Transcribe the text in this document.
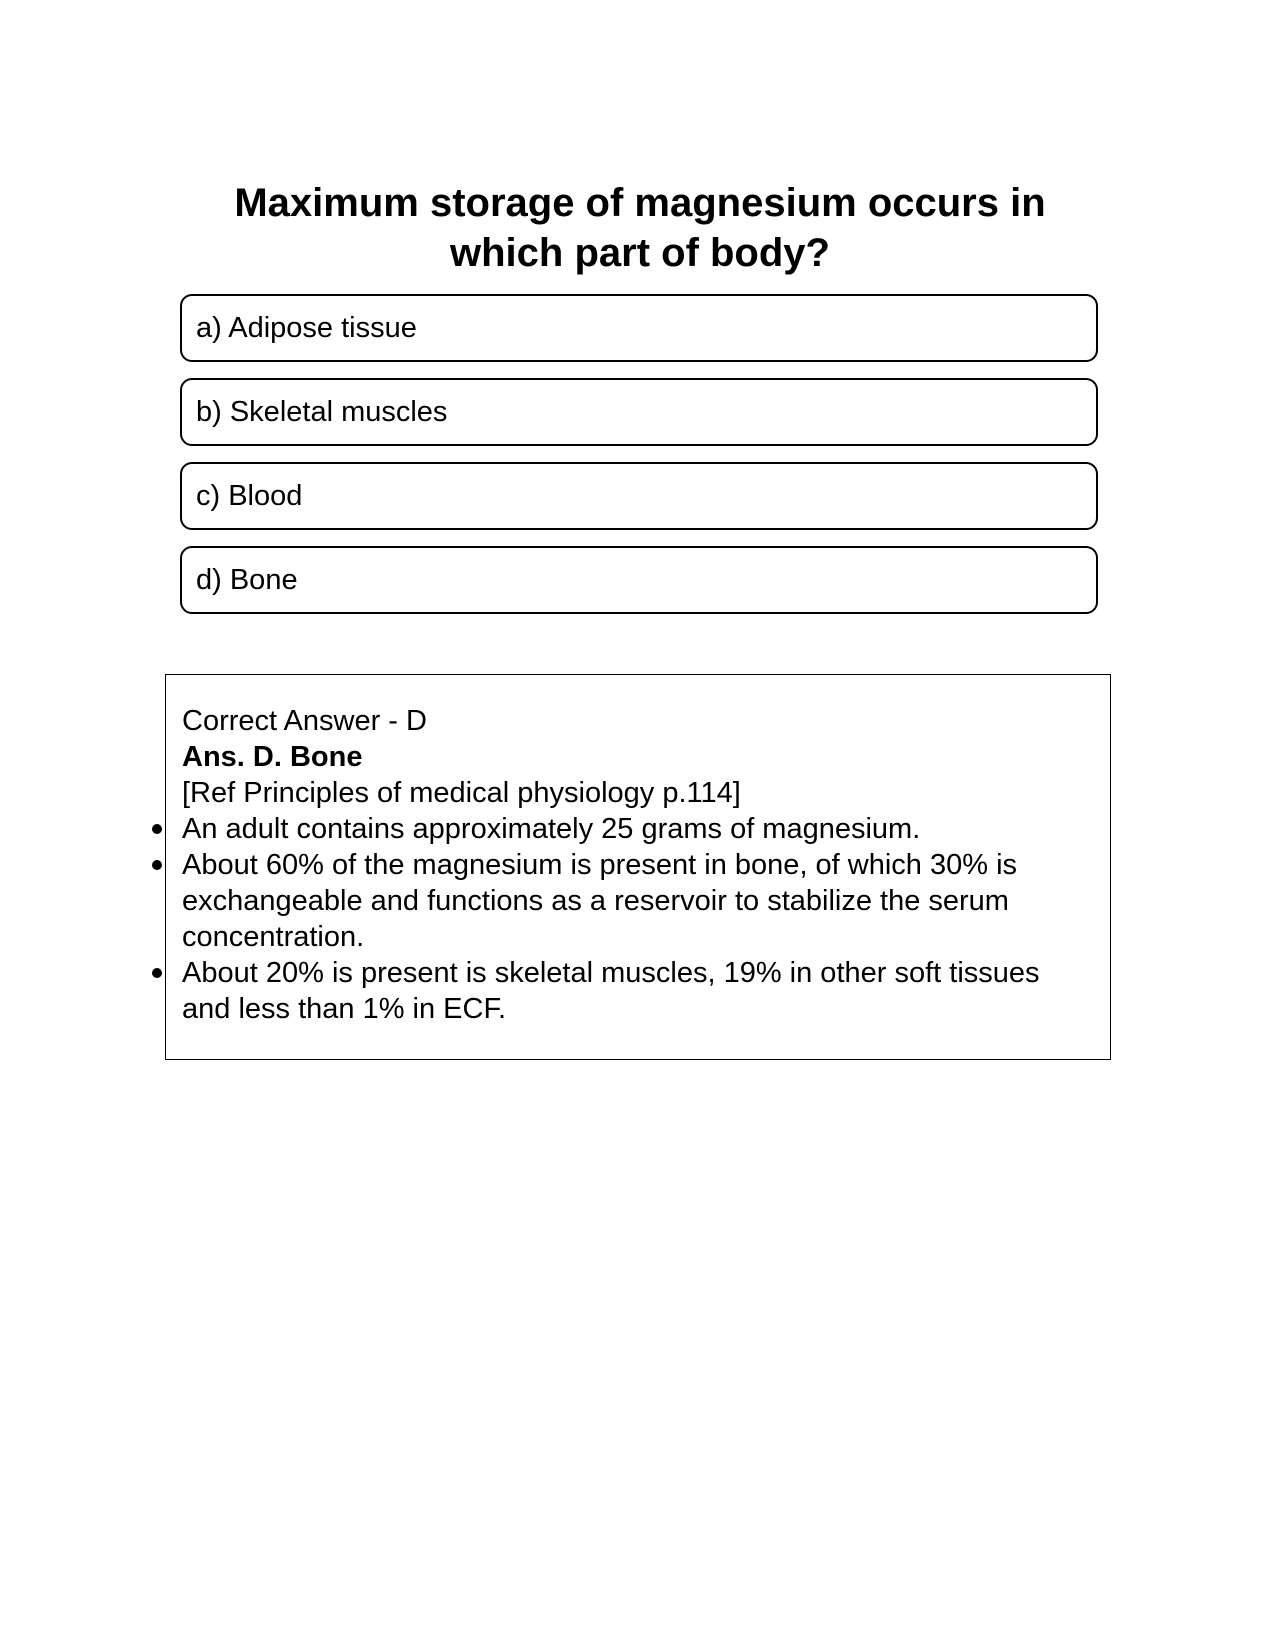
Maximum storage of magnesium occurs in which part of body?
a) Adipose tissue
b) Skeletal muscles
c) Blood
d) Bone
Correct Answer - D
Ans. D. Bone
[Ref Principles of medical physiology p.114]
An adult contains approximately 25 grams of magnesium.
About 60% of the magnesium is present in bone, of which 30% is exchangeable and functions as a reservoir to stabilize the serum concentration.
About 20% is present is skeletal muscles, 19% in other soft tissues and less than 1% in ECF.
